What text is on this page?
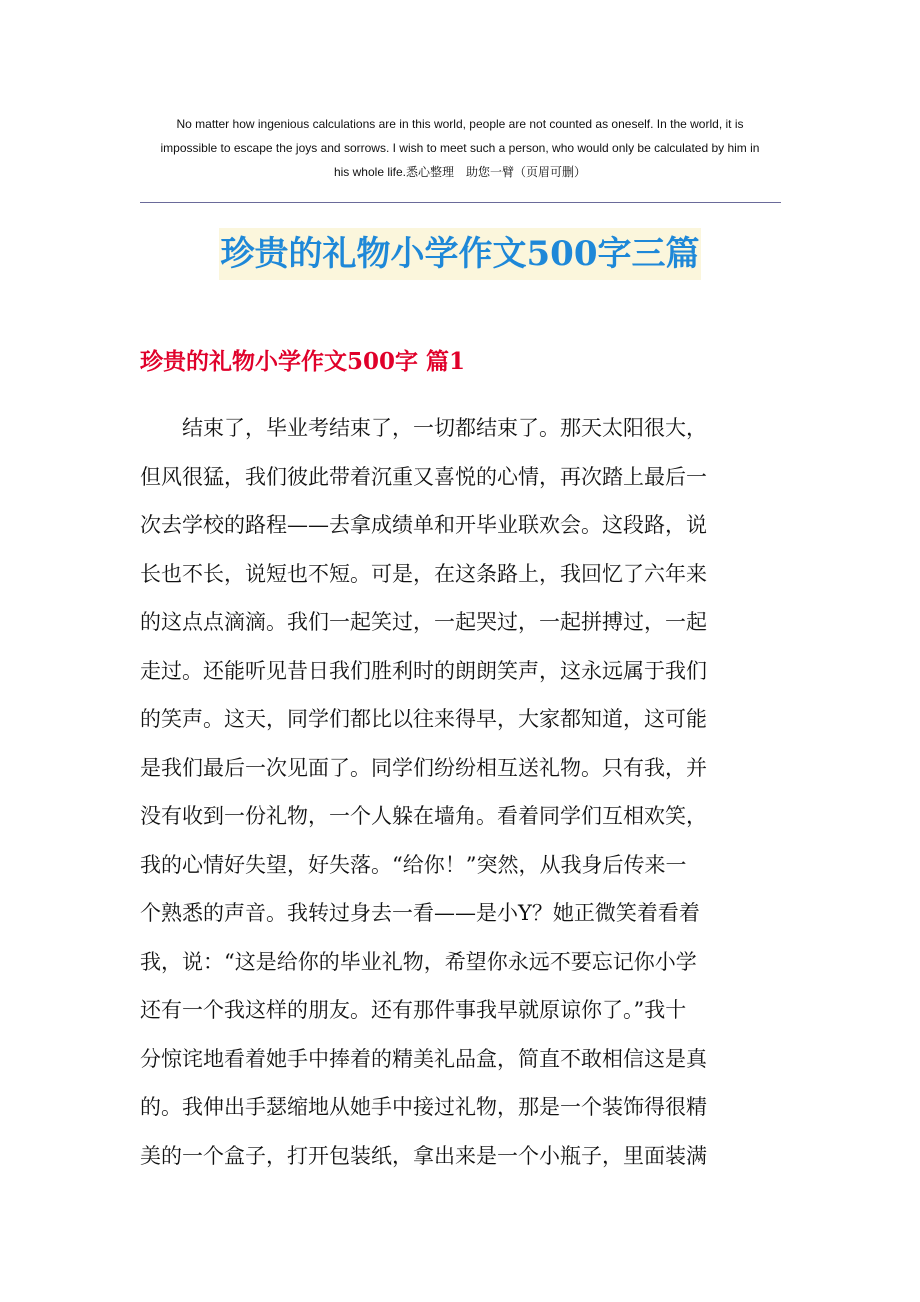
No matter how ingenious calculations are in this world, people are not counted as oneself. In the world, it is
impossible to escape the joys and sorrows. I wish to meet such a person, who would only be calculated by him in
his whole life.悉心整理　助您一臂（页眉可删）
珍贵的礼物小学作文500字三篇
珍贵的礼物小学作文500字 篇1
　　结束了，毕业考结束了，一切都结束了。那天太阳很大，
但风很猛，我们彼此带着沉重又喜悦的心情，再次踏上最后一
次去学校的路程——去拿成绩单和开毕业联欢会。这段路，说
长也不长，说短也不短。可是，在这条路上，我回忆了六年来
的这点点滴滴。我们一起笑过，一起哭过，一起拼搏过，一起
走过。还能听见昔日我们胜利时的朗朗笑声，这永远属于我们
的笑声。这天，同学们都比以往来得早，大家都知道，这可能
是我们最后一次见面了。同学们纷纷相互送礼物。只有我，并
没有收到一份礼物，一个人躲在墙角。看着同学们互相欢笑，
我的心情好失望，好失落。“给你！”突然，从我身后传来一
个熟悉的声音。我转过身去一看——是小Y？她正微笑着看着
我，说：“这是给你的毕业礼物，希望你永远不要忘记你小学
还有一个我这样的朋友。还有那件事我早就原谅你了。”我十
分惊诧地看着她手中捧着的精美礼品盒，简直不敢相信这是真
的。我伸出手瑟缩地从她手中接过礼物，那是一个装饰得很精
美的一个盒子，打开包装纸，拿出来是一个小瓶子，里面装满
